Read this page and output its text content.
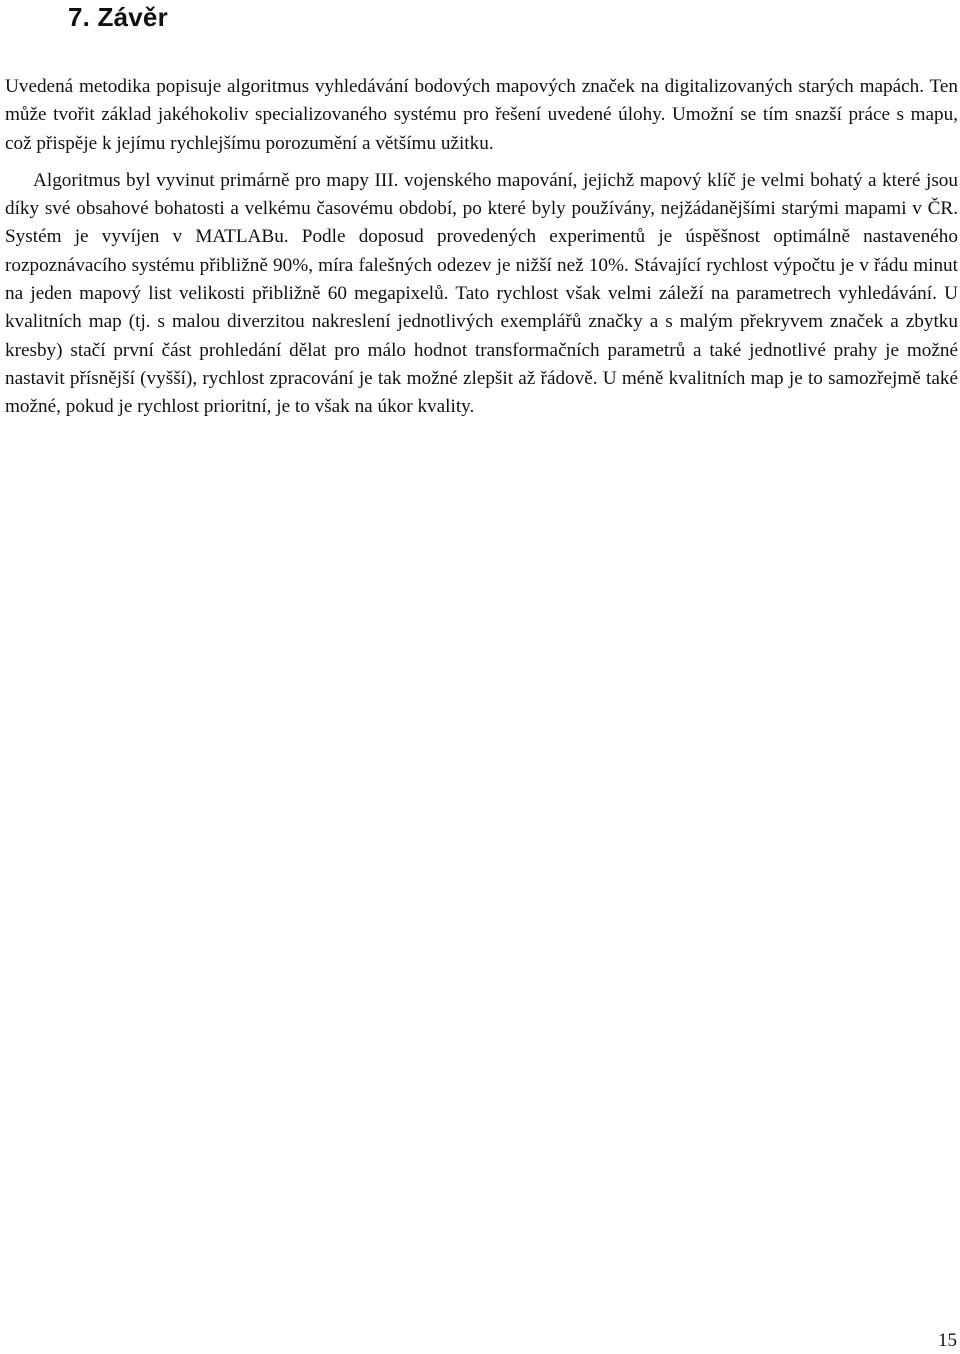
7. Závěr

Uvedená metodika popisuje algoritmus vyhledávání bodových mapových značek na digitalizovaných starých mapách. Ten může tvořit základ jakéhokoliv specializovaného systému pro řešení uvedené úlohy. Umožní se tím snazší práce s mapu, což přispěje k jejímu rychlejšímu porozumění a většímu užitku.

Algoritmus byl vyvinut primárně pro mapy III. vojenského mapování, jejichž mapový klíč je velmi bohatý a které jsou díky své obsahové bohatosti a velkému časovému období, po které byly používány, nejžádanějšími starými mapami v ČR. Systém je vyvíjen v MATLABu. Podle doposud provedených experimentů je úspěšnost optimálně nastaveného rozpoznávacího systému přibližně 90%, míra falešných odezev je nižší než 10%. Stávající rychlost výpočtu je v řádu minut na jeden mapový list velikosti přibližně 60 megapixelů. Tato rychlost však velmi záleží na parametrech vyhledávání. U kvalitních map (tj. s malou diverzitou nakreslení jednotlivých exemplářů značky a s malým překryvem značek a zbytku kresby) stačí první část prohledání dělat pro málo hodnot transformačních parametrů a také jednotlivé prahy je možné nastavit přísnější (vyšší), rychlost zpracování je tak možné zlepšit až řádově. U méně kvalitních map je to samozřejmě také možné, pokud je rychlost prioritní, je to však na úkor kvality.

15
